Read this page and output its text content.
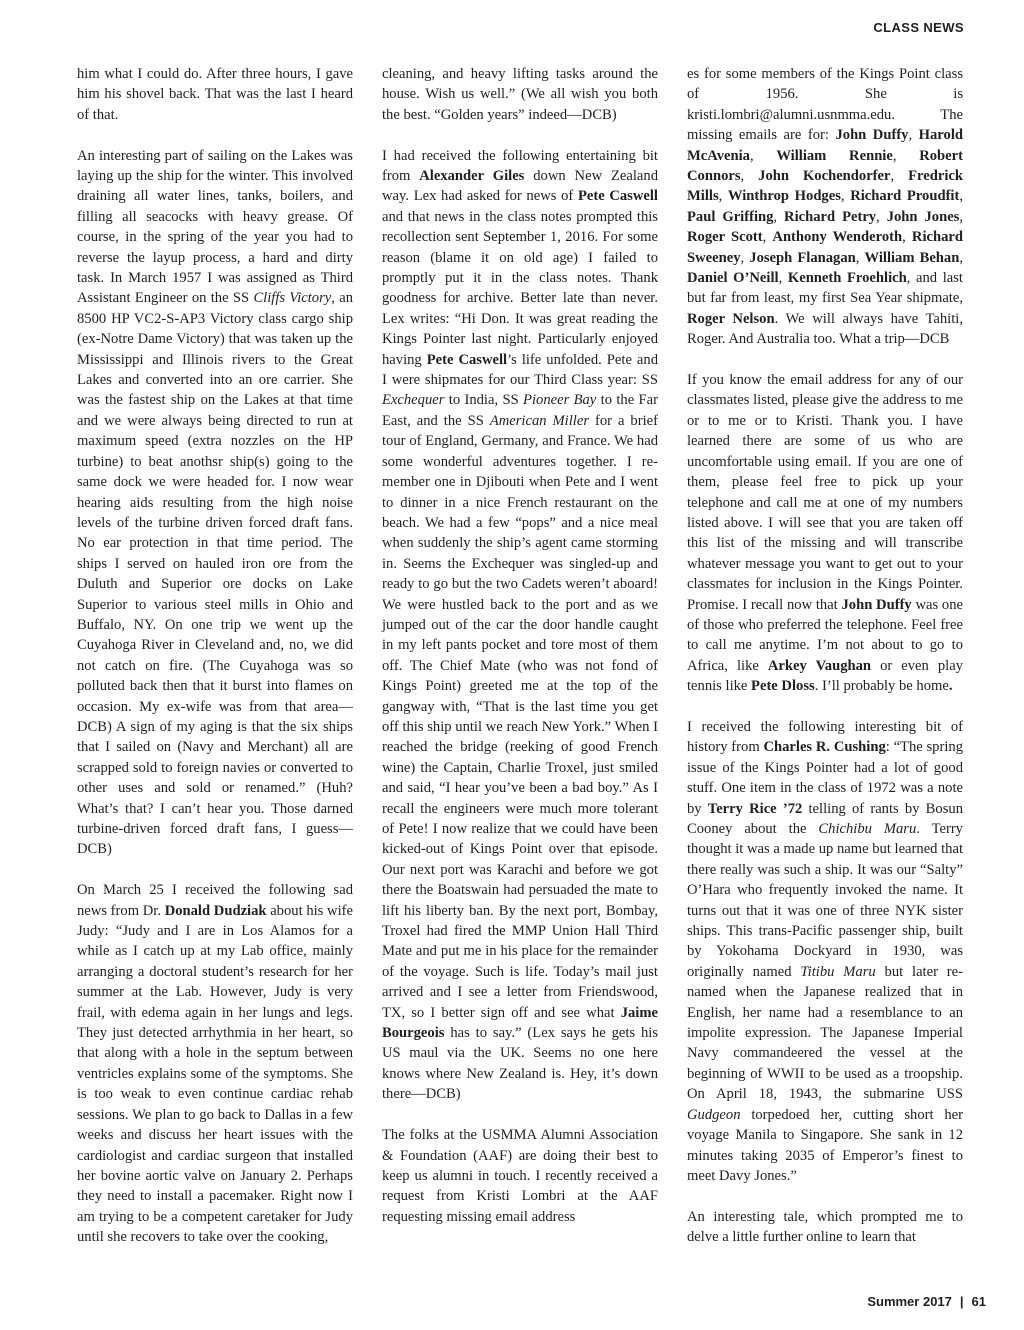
CLASS NEWS

him what I could do. After three hours, I gave him his shovel back. That was the last I heard of that.

An interesting part of sailing on the Lakes was laying up the ship for the winter. This involved draining all water lines, tanks, boilers, and filling all seacocks with heavy grease. Of course, in the spring of the year you had to reverse the layup process, a hard and dirty task. In March 1957 I was assigned as Third Assistant Engineer on the SS Cliffs Victory, an 8500 HP VC2-S-AP3 Victory class cargo ship (ex-Notre Dame Victory) that was taken up the Mississippi and Illinois rivers to the Great Lakes and converted into an ore carrier. She was the fastest ship on the Lakes at that time and we were always being directed to run at maximum speed (extra nozzles on the HP turbine) to beat anothsr ship(s) going to the same dock we were headed for. I now wear hearing aids resulting from the high noise levels of the turbine driven forced draft fans. No ear protection in that time period. The ships I served on hauled iron ore from the Duluth and Superior ore docks on Lake Superior to various steel mills in Ohio and Buffalo, NY. On one trip we went up the Cuyahoga River in Cleveland and, no, we did not catch on fire. (The Cuyahoga was so polluted back then that it burst into flames on occasion. My ex-wife was from that area—DCB) A sign of my aging is that the six ships that I sailed on (Navy and Merchant) all are scrapped sold to foreign navies or converted to other uses and sold or renamed.” (Huh? What’s that? I can’t hear you. Those darned turbine-driven forced draft fans, I guess—DCB)

On March 25 I received the following sad news from Dr. Donald Dudziak about his wife Judy: “Judy and I are in Los Alamos for a while as I catch up at my Lab office, mainly arranging a doctoral student’s research for her summer at the Lab. However, Judy is very frail, with edema again in her lungs and legs. They just detected arrhythmia in her heart, so that along with a hole in the septum between ventricles explains some of the symptoms. She is too weak to even continue cardiac rehab sessions. We plan to go back to Dallas in a few weeks and discuss her heart issues with the cardiologist and cardiac surgeon that installed her bovine aortic valve on January 2. Perhaps they need to install a pacemaker. Right now I am trying to be a competent caretaker for Judy until she recovers to take over the cooking,

cleaning, and heavy lifting tasks around the house. Wish us well.” (We all wish you both the best. “Golden years” indeed—DCB)

I had received the following entertaining bit from Alexander Giles down New Zealand way. Lex had asked for news of Pete Caswell and that news in the class notes prompted this recollection sent September 1, 2016. For some reason (blame it on old age) I failed to promptly put it in the class notes. Thank goodness for archive. Better late than never. Lex writes: “Hi Don. It was great reading the Kings Pointer last night. Particularly enjoyed having Pete Caswell’s life unfolded. Pete and I were shipmates for our Third Class year: SS Exchequer to India, SS Pioneer Bay to the Far East, and the SS American Miller for a brief tour of England, Germany, and France. We had some wonderful adventures together. I remember one in Djibouti when Pete and I went to dinner in a nice French restaurant on the beach. We had a few “pops” and a nice meal when suddenly the ship’s agent came storming in. Seems the Exchequer was singled-up and ready to go but the two Cadets weren’t aboard! We were hustled back to the port and as we jumped out of the car the door handle caught in my left pants pocket and tore most of them off. The Chief Mate (who was not fond of Kings Point) greeted me at the top of the gangway with, “That is the last time you get off this ship until we reach New York.” When I reached the bridge (reeking of good French wine) the Captain, Charlie Troxel, just smiled and said, “I hear you’ve been a bad boy.” As I recall the engineers were much more tolerant of Pete! I now realize that we could have been kicked-out of Kings Point over that episode. Our next port was Karachi and before we got there the Boatswain had persuaded the mate to lift his liberty ban. By the next port, Bombay, Troxel had fired the MMP Union Hall Third Mate and put me in his place for the remainder of the voyage. Such is life. Today’s mail just arrived and I see a letter from Friendswood, TX, so I better sign off and see what Jaime Bourgeois has to say.” (Lex says he gets his US maul via the UK. Seems no one here knows where New Zealand is. Hey, it’s down there—DCB)

The folks at the USMMA Alumni Association & Foundation (AAF) are doing their best to keep us alumni in touch. I recently received a request from Kristi Lombri at the AAF requesting missing email address

es for some members of the Kings Point class of 1956. She is kristi.lombri@alumni.usnmma.edu. The missing emails are for: John Duffy, Harold McAvenia, William Rennie, Robert Connors, John Kochendorfer, Fredrick Mills, Winthrop Hodges, Richard Proudfit, Paul Griffing, Richard Petry, John Jones, Roger Scott, Anthony Wenderoth, Richard Sweeney, Joseph Flanagan, William Behan, Daniel O’Neill, Kenneth Froehlich, and last but far from least, my first Sea Year shipmate, Roger Nelson. We will always have Tahiti, Roger. And Australia too. What a trip—DCB

If you know the email address for any of our classmates listed, please give the address to me or to me or to Kristi. Thank you. I have learned there are some of us who are uncomfortable using email. If you are one of them, please feel free to pick up your telephone and call me at one of my numbers listed above. I will see that you are taken off this list of the missing and will transcribe whatever message you want to get out to your classmates for inclusion in the Kings Pointer. Promise. I recall now that John Duffy was one of those who preferred the telephone. Feel free to call me anytime. I’m not about to go to Africa, like Arkey Vaughan or even play tennis like Pete Dloss. I’ll probably be home.

I received the following interesting bit of history from Charles R. Cushing: “The spring issue of the Kings Pointer had a lot of good stuff. One item in the class of 1972 was a note by Terry Rice ’72 telling of rants by Bosun Cooney about the Chichibu Maru. Terry thought it was a made up name but learned that there really was such a ship. It was our “Salty” O’Hara who frequently invoked the name. It turns out that it was one of three NYK sister ships. This trans-Pacific passenger ship, built by Yokohama Dockyard in 1930, was originally named Titibu Maru but later re-named when the Japanese realized that in English, her name had a resemblance to an impolite expression. The Japanese Imperial Navy commandeered the vessel at the beginning of WWII to be used as a troopship. On April 18, 1943, the submarine USS Gudgeon torpedoed her, cutting short her voyage Manila to Singapore. She sank in 12 minutes taking 2035 of Emperor’s finest to meet Davy Jones.”

An interesting tale, which prompted me to delve a little further online to learn that

Summer 2017 | 61
